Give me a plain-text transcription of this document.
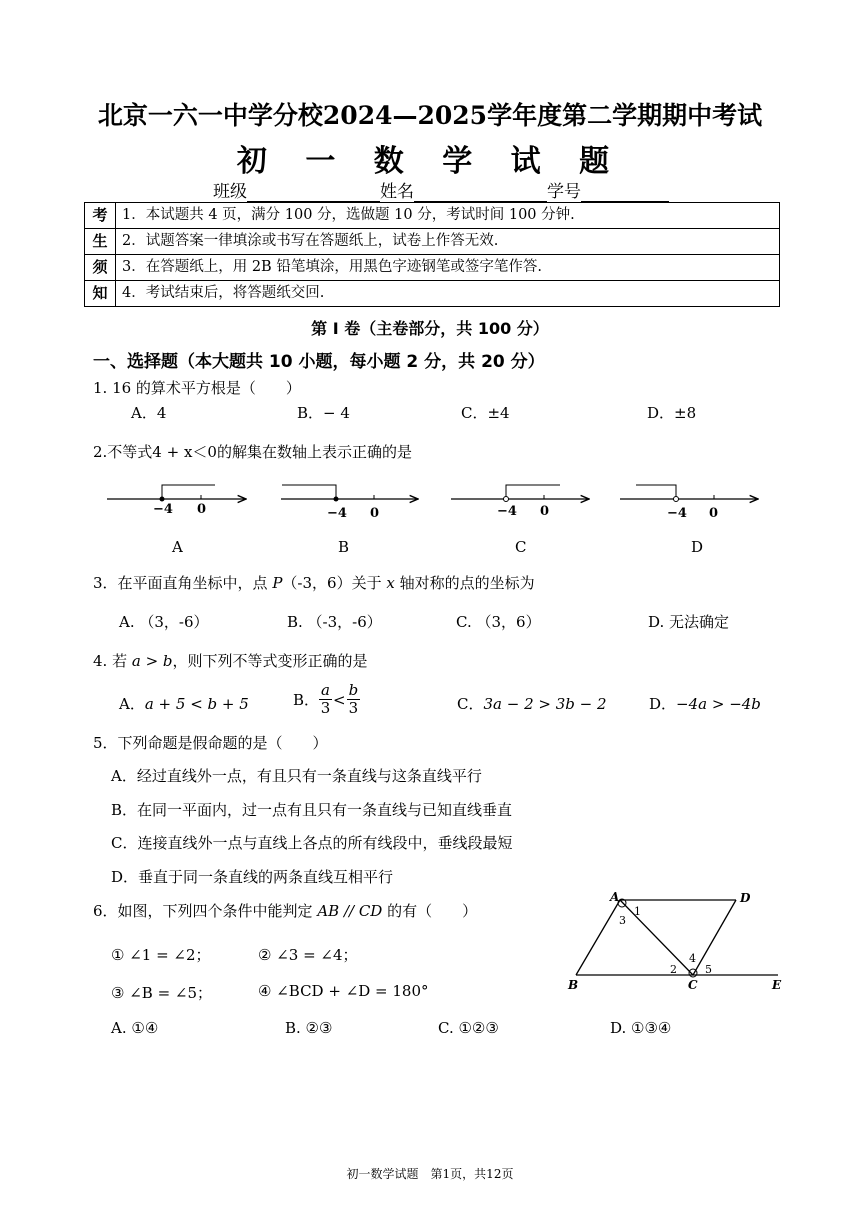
北京一六一中学分校2024—2025学年度第二学期期中考试
初 一 数 学 试 题
班级	姓名	学号
考	1．本试题共 4 页，满分 100 分，选做题 10 分，考试时间 100 分钟.
生	2．试题答案一律填涂或书写在答题纸上，试卷上作答无效.
须	3．在答题纸上，用 2B 铅笔填涂，用黑色字迹钢笔或签字笔作答.
知	4．考试结束后，将答题纸交回.
第 I 卷（主卷部分，共 100 分）
一、选择题（本大题共 10 小题，每小题 2 分，共 20 分）
1. 16 的算术平方根是（　　）
A．4	B．− 4	C．±4	D．±8
2.不等式4 + x＜0的解集在数轴上表示正确的是
−4 0	−4 0	−4 0	−4 0
A	B	C	D
3．在平面直角坐标中，点 P（-3，6）关于 x 轴对称的点的坐标为
A. （3，-6）	B. （-3，-6）	C. （3，6）	D. 无法确定
4. 若 a > b，则下列不等式变形正确的是
A．a + 5 < b + 5	B． $\frac{a}{3} < \frac{b}{3}$	C．3a − 2 > 3b − 2	D．−4a > −4b
5．下列命题是假命题的是（　　）
A．经过直线外一点，有且只有一条直线与这条直线平行
B．在同一平面内，过一点有且只有一条直线与已知直线垂直
C．连接直线外一点与直线上各点的所有线段中，垂线段最短
D．垂直于同一条直线的两条直线互相平行
6．如图，下列四个条件中能判定 AB // CD 的有（　　）
① ∠1 = ∠2；	② ∠3 = ∠4；
③ ∠B = ∠5；	④ ∠BCD + ∠D = 180°
A. ①④	B. ②③	C. ①②③	D. ①③④
A	D
B	C	E
1
3
2
4
5
初一数学试题　第1页，共12页
